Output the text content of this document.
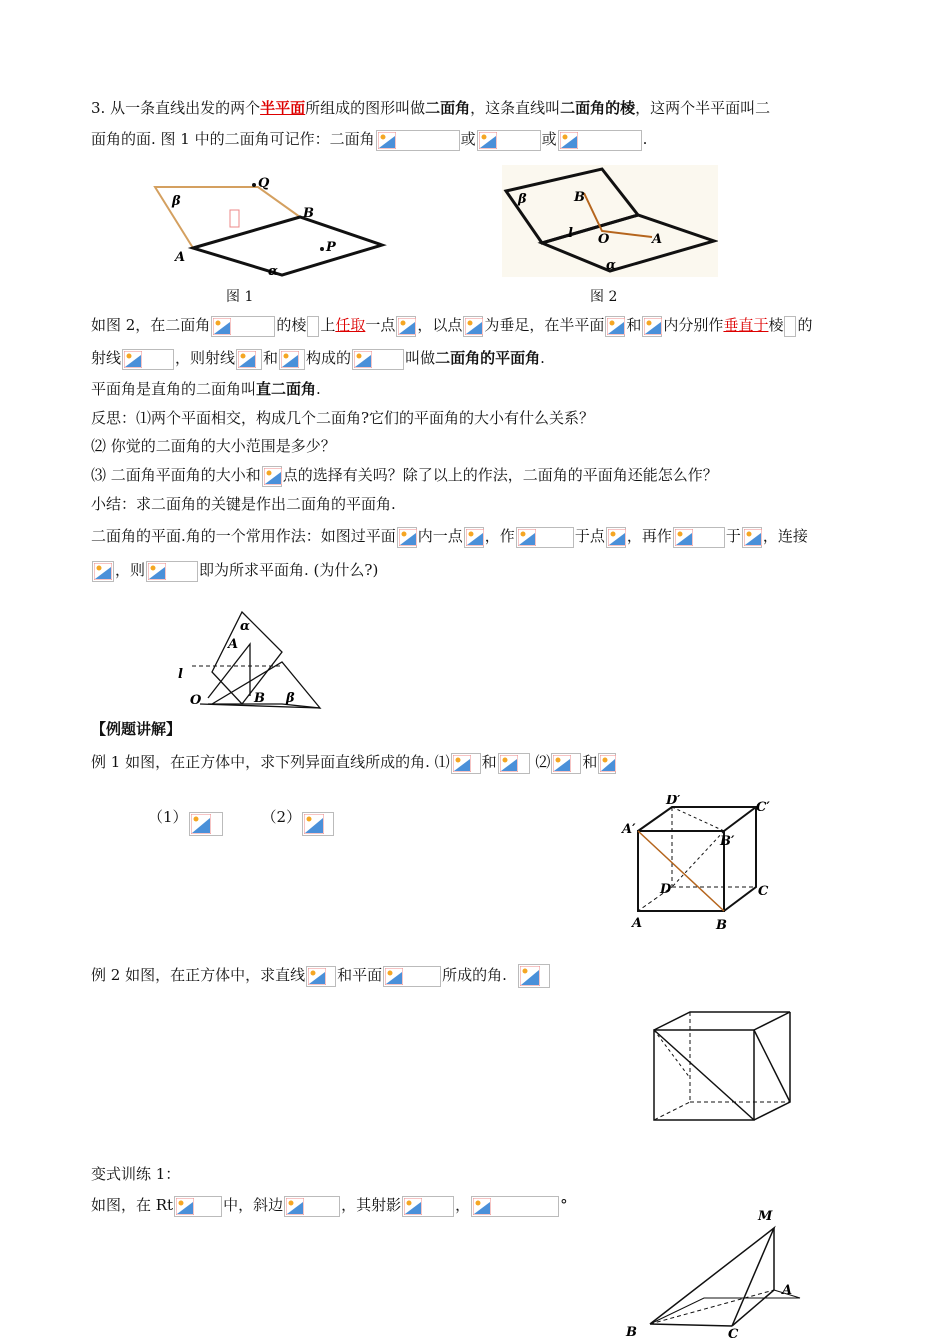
3. 从一条直线出发的两个半平面所组成的图形叫做二面角，这条直线叫二面角的棱，这两个半平面叫二
面角的面. 图 1 中的二面角可记作：二面角	或	或	.
β
Q
B
A
P
α
图 1
β	B
l O	A
α
图 2
如图 2，在二面角	的棱 上任取一点 ，以点 为垂足，在半平面 和 内分别作垂直于棱 的
射线	，则射线 和 构成的	叫做二面角的平面角.
平面角是直角的二面角叫直二面角.
反思：⑴两个平面相交，构成几个二面角?它们的平面角的大小有什么关系？
⑵ 你觉的二面角的大小范围是多少？
⑶ 二面角平面角的大小和 点的选择有关吗？除了以上的作法，二面角的平面角还能怎么作？
小结：求二面角的关键是作出二面角的平面角.
二面角的平面.角的一个常用作法：如图过平面 内一点 ，作	于点 ，再作	于 ，连接
，则	即为所求平面角. (为什么?)
α
A
l
O	B β
【例题讲解】
例 1 如图，在正方体中，求下列异面直线所成的角. ⑴ 和
⑵ 和
（1）	（2）
D′	C′
A′
B′
D	C
A	B
例 2 如图，在正方体中，求直线 和平面	所成的角.
变式训练 1：
如图，在 Rt	中，斜边	，其射影	，	°
M
A
B	C
